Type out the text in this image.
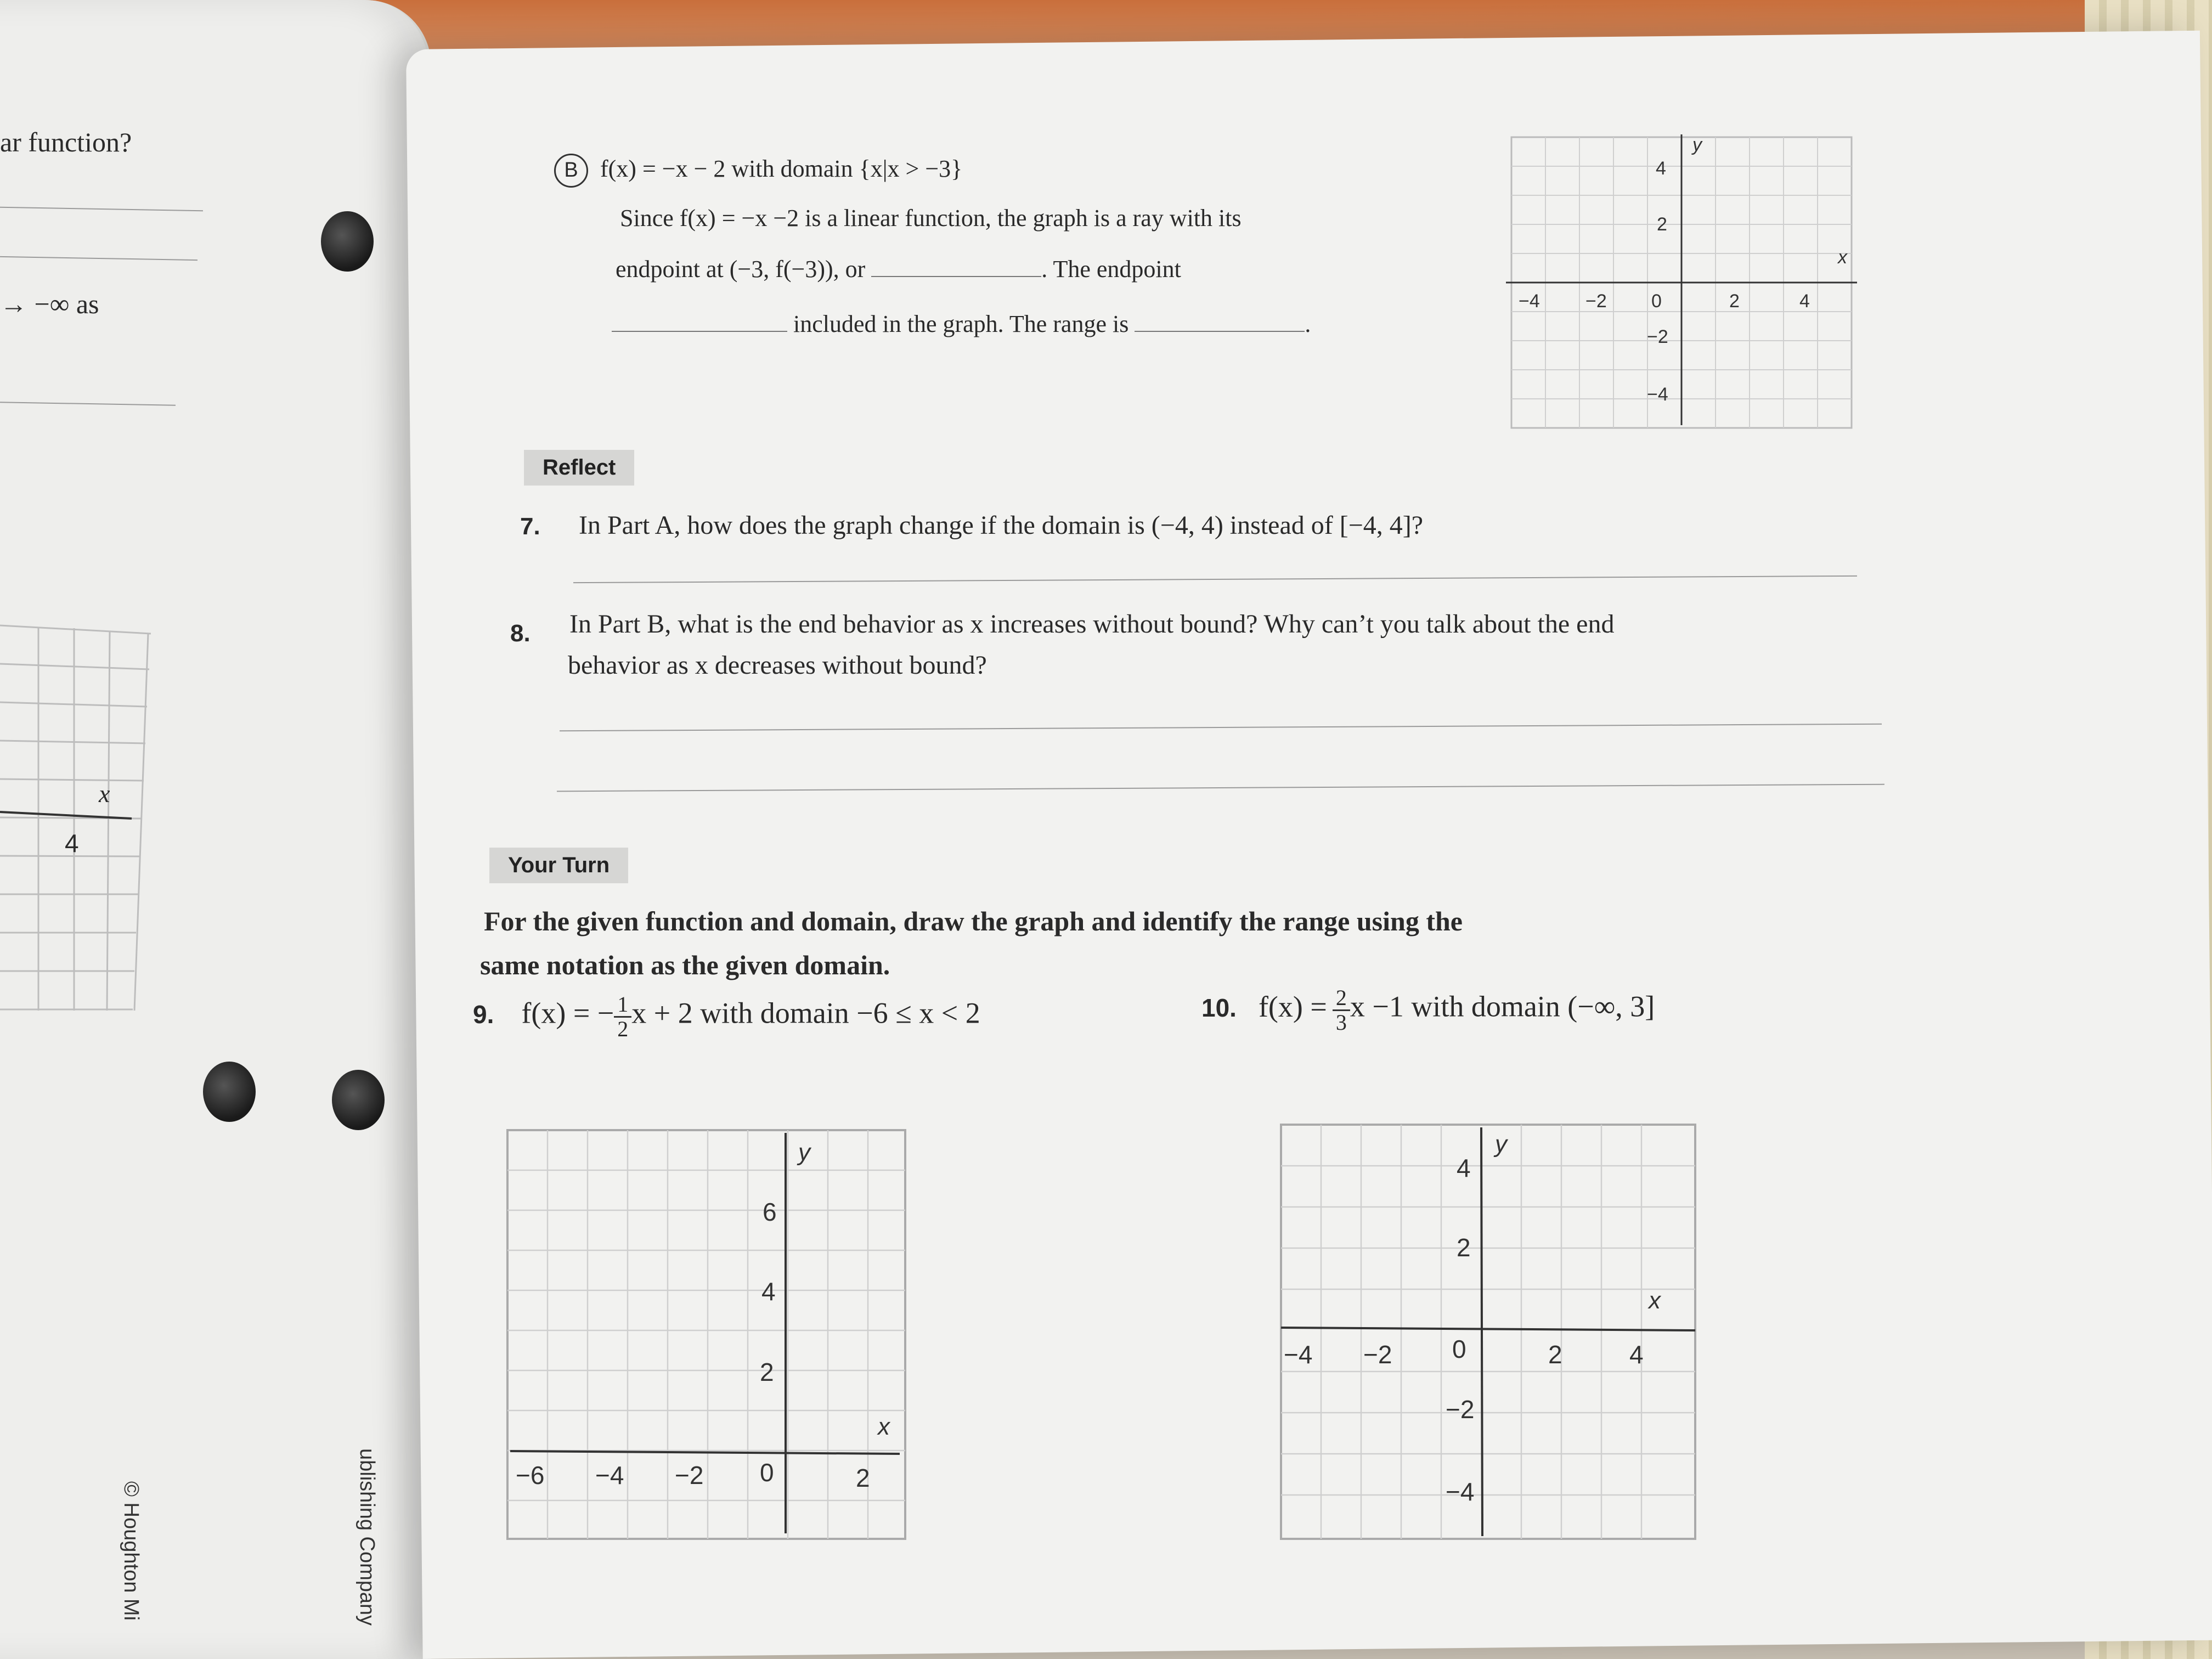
ar function?
→ −∞ as
x
4
© Houghton Mi	ublishing Company
B f(x) = −x − 2 with domain {x|x > −3}
Since f(x) = −x −2 is a linear function, the graph is a ray with its
endpoint at (−3, f(−3)), or	. The endpoint
included in the graph. The range is	.
x
y
−4 −2 0	2	4
4
2
−2
−4
Reflect
7. In Part A, how does the graph change if the domain is (−4, 4) instead of [−4, 4]?
8. In Part B, what is the end behavior as x increases without bound? Why can’t you talk about the end
behavior as x decreases without bound?
Your Turn
For the given function and domain, draw the graph and identify the range using the
same notation as the given domain.
9. f(x) = − $\frac{1}{2}$ x + 2 with domain −6 ≤ x < 2	10. $f(x) = \frac{2}{3}$ x −1 with domain (−∞, 3]
x
y
−6 −4 −2 0	2
6
4
2
x
y
−4 −2 0	2	4
4
2
−2
−4
